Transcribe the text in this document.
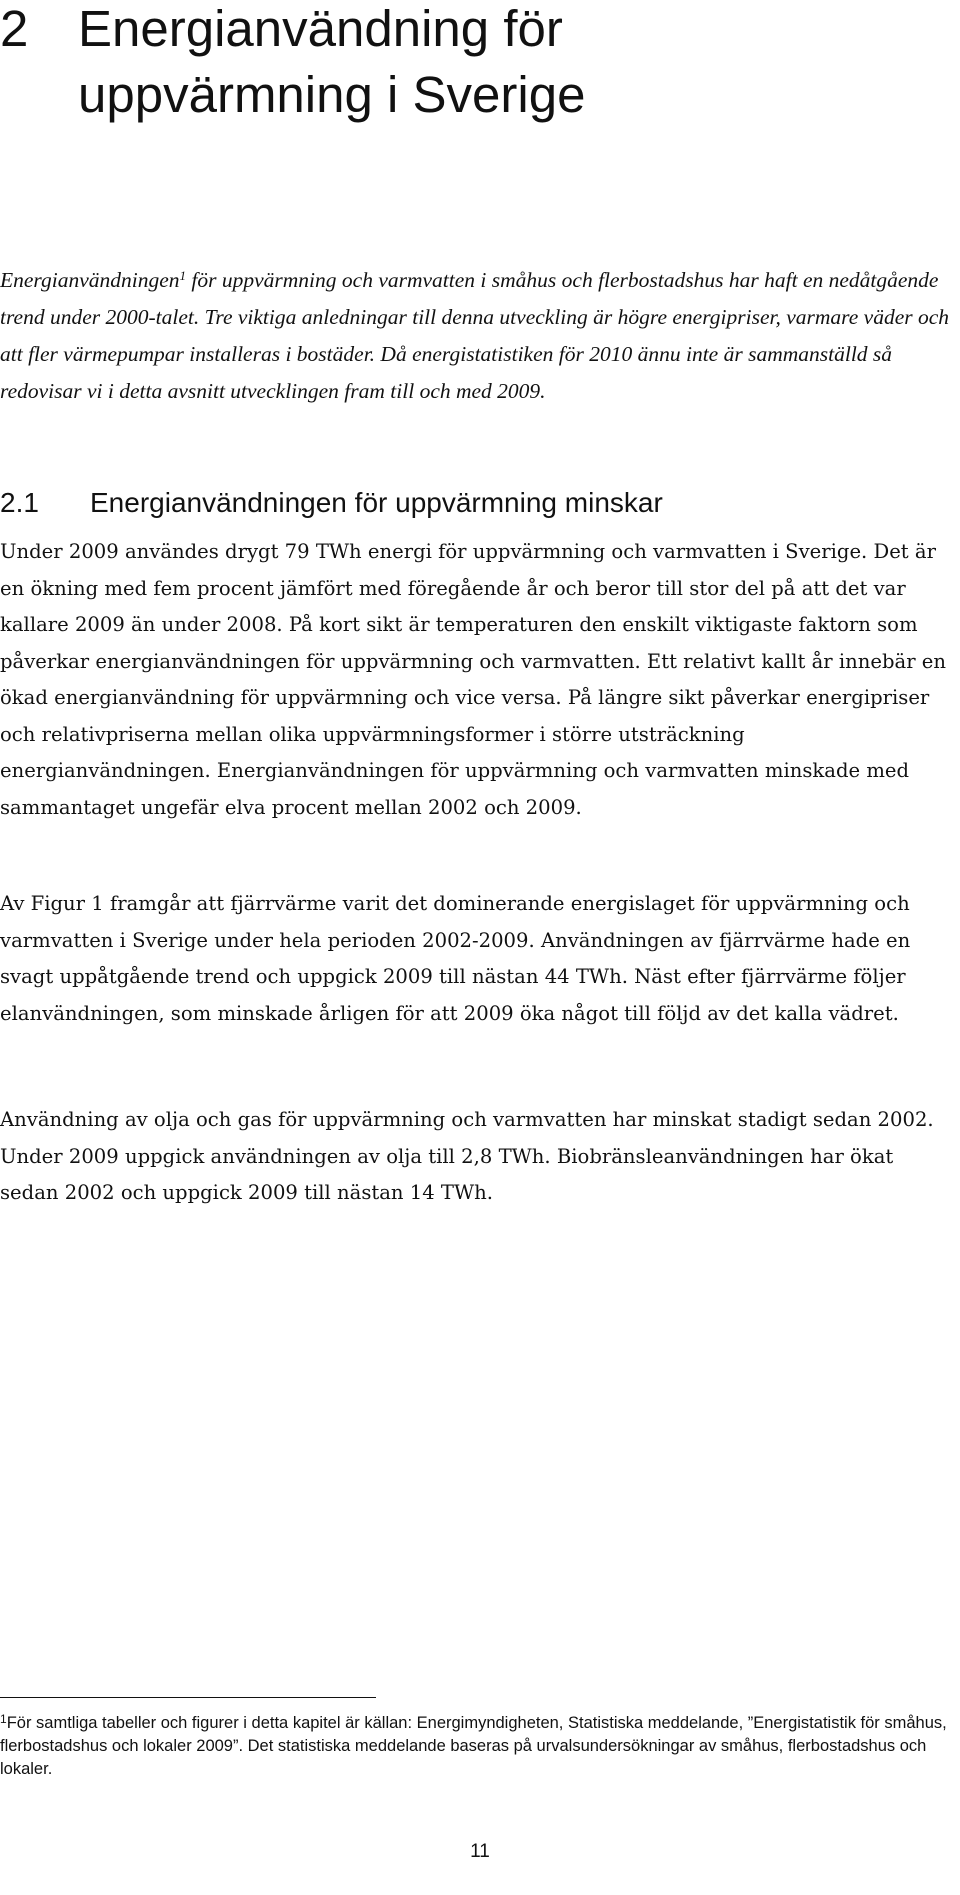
2 Energianvändning för
uppvärmning i Sverige

Energianvändningen$^1$ för uppvärmning och varmvatten i småhus och flerbostadshus har haft en nedåtgående trend under 2000-talet. Tre viktiga anledningar till denna utveckling är högre energipriser, varmare väder och att fler värmepumpar installeras i bostäder. Då energistatistiken för 2010 ännu inte är sammanställd så redovisar vi i detta avsnitt utvecklingen fram till och med 2009.

2.1 Energianvändningen för uppvärmning minskar

Under 2009 användes drygt 79 TWh energi för uppvärmning och varmvatten i Sverige. Det är en ökning med fem procent jämfört med föregående år och beror till stor del på att det var kallare 2009 än under 2008. På kort sikt är temperaturen den enskilt viktigaste faktorn som påverkar energianvändningen för uppvärmning och varmvatten. Ett relativt kallt år innebär en ökad energianvändning för uppvärmning och vice versa. På längre sikt påverkar energipriser och relativpriserna mellan olika uppvärmningsformer i större utsträckning energianvändningen. Energianvändningen för uppvärmning och varmvatten minskade med sammantaget ungefär elva procent mellan 2002 och 2009.

Av Figur 1 framgår att fjärrvärme varit det dominerande energislaget för uppvärmning och varmvatten i Sverige under hela perioden 2002-2009. Användningen av fjärrvärme hade en svagt uppåtgående trend och uppgick 2009 till nästan 44 TWh. Näst efter fjärrvärme följer elanvändningen, som minskade årligen för att 2009 öka något till följd av det kalla vädret.

Användning av olja och gas för uppvärmning och varmvatten har minskat stadigt sedan 2002. Under 2009 uppgick användningen av olja till 2,8 TWh. Biobränsleanvändningen har ökat sedan 2002 och uppgick 2009 till nästan 14 TWh.

$^1$För samtliga tabeller och figurer i detta kapitel är källan: Energimyndigheten, Statistiska meddelande, ”Energistatistik för småhus, flerbostadshus och lokaler 2009”. Det statistiska meddelande baseras på urvalsundersökningar av småhus, flerbostadshus och lokaler.

11
